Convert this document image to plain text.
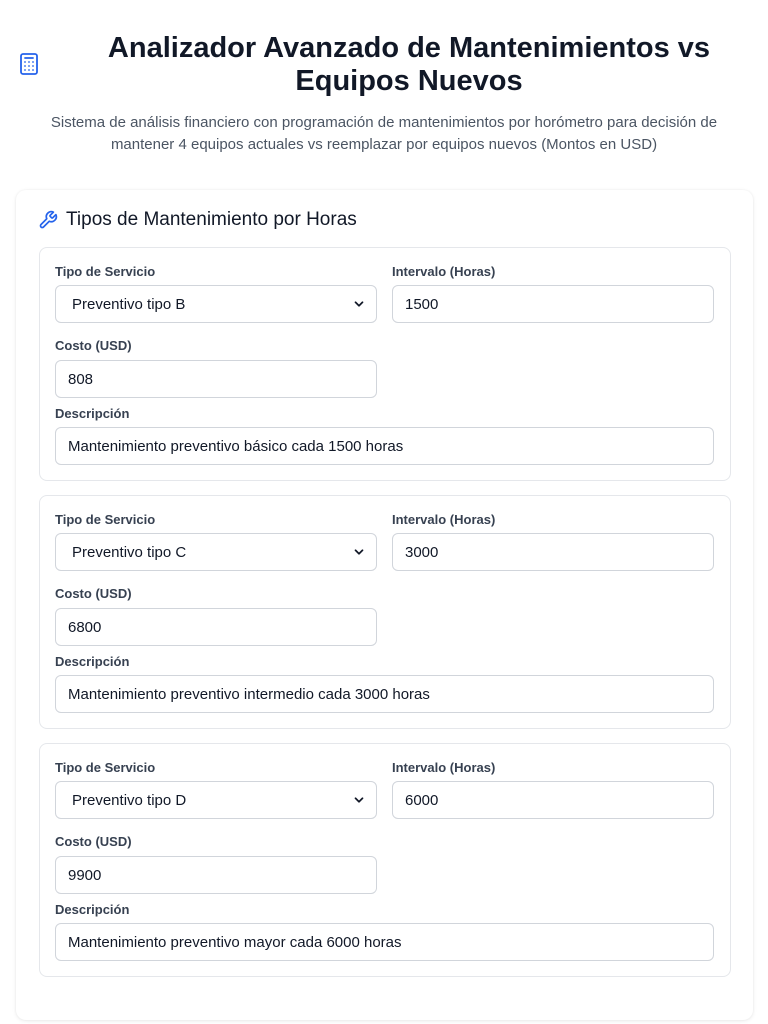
Analizador Avanzado de Mantenimientos vs Equipos Nuevos

Sistema de análisis financiero con programación de mantenimientos por horómetro para decisión de mantener 4 equipos actuales vs reemplazar por equipos nuevos (Montos en USD)

Tipos de Mantenimiento por Horas
Tipo de Servicio	Intervalo (Horas)
Preventivo tipo B	1500
Costo (USD)
808
Descripción
Mantenimiento preventivo básico cada 1500 horas
Tipo de Servicio	Intervalo (Horas)
Preventivo tipo C	3000
Costo (USD)
6800
Descripción
Mantenimiento preventivo intermedio cada 3000 horas
Tipo de Servicio	Intervalo (Horas)
Preventivo tipo D	6000
Costo (USD)
9900
Descripción
Mantenimiento preventivo mayor cada 6000 horas
